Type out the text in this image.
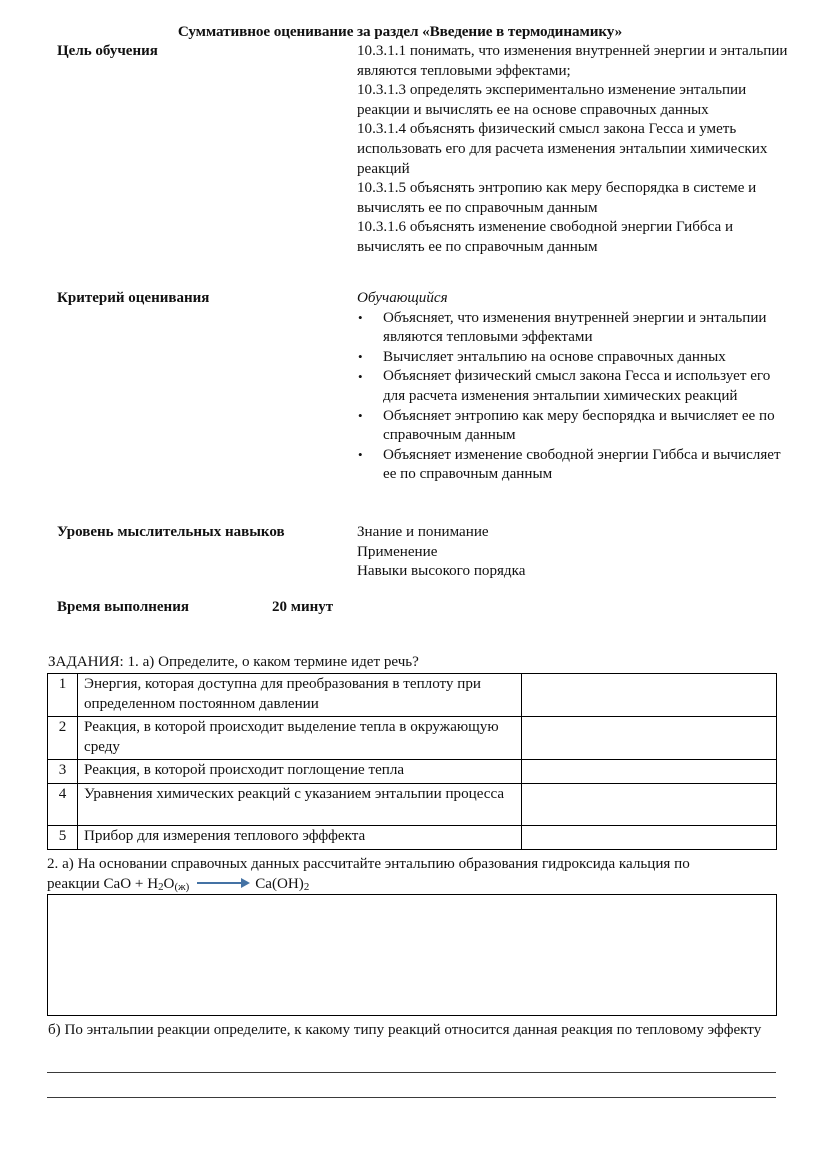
Суммативное оценивание за раздел «Введение в термодинамику»
Цель обучения	10.3.1.1 понимать, что изменения внутренней энергии и энтальпии являются тепловыми эффектами;
10.3.1.3 определять экспериментально изменение энтальпии реакции и вычислять ее на основе справочных данных
10.3.1.4 объяснять физический смысл закона Гесса и уметь использовать его для расчета изменения энтальпии химических реакций
10.3.1.5 объяснять энтропию как меру беспорядка в системе и вычислять ее по справочным данным
10.3.1.6 объяснять изменение свободной энергии Гиббса и вычислять ее по справочным данным
Критерий оценивания	Обучающийся
• Объясняет, что изменения внутренней энергии и энтальпии являются тепловыми эффектами
• Вычисляет энтальпию на основе справочных данных
• Объясняет физический смысл закона Гесса и использует его для расчета изменения энтальпии химических реакций
• Объясняет энтропию как меру беспорядка и вычисляет ее по справочным данным
• Объясняет изменение свободной энергии Гиббса и вычисляет ее по справочным данным
Уровень мыслительных навыков	Знание и понимание
Применение
Навыки высокого порядка
Время выполнения	20 минут
ЗАДАНИЯ: 1. а) Определите, о каком термине идет речь?
1	Энергия, которая доступна для преобразования в теплоту при определенном постоянном давлении	
2	Реакция, в которой происходит выделение тепла в окружающую среду	
3	Реакция, в которой происходит поглощение тепла	
4	Уравнения химических реакций с указанием энтальпии процесса	
5	Прибор для измерения теплового эфффекта	
2. а) На основании справочных данных рассчитайте энтальпию образования гидроксида кальция по
реакции CaO + $H_2O_{(ж)}$	$Ca(OH)_2$
б) По энтальпии реакции определите, к какому типу реакций относится данная реакция по тепловому эффекту
